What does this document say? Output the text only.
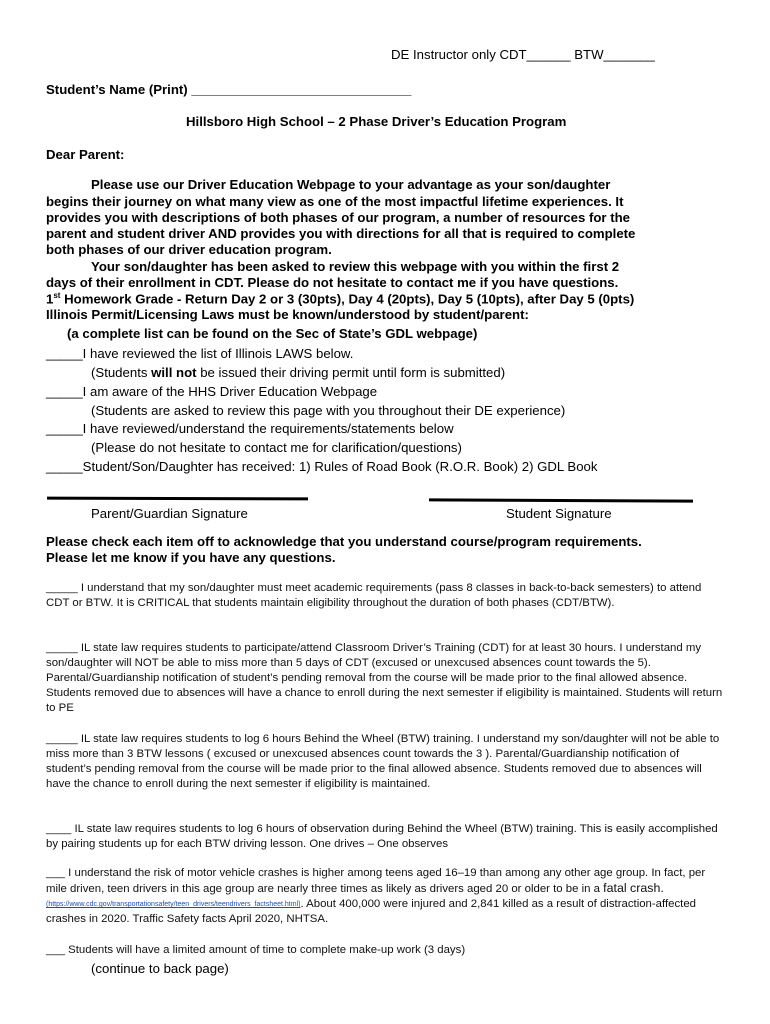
DE Instructor only CDT______ BTW_______
Student’s Name (Print) ______________________________
Hillsboro High School – 2 Phase Driver’s Education Program
Dear Parent:
Please use our Driver Education Webpage to your advantage as your son/daughter
begins their journey on what many view as one of the most impactful lifetime experiences. It
provides you with descriptions of both phases of our program, a number of resources for the
parent and student driver AND provides you with directions for all that is required to complete
both phases of our driver education program.
Your son/daughter has been asked to review this webpage with you within the first 2
days of their enrollment in CDT. Please do not hesitate to contact me if you have questions.
1st Homework Grade - Return Day 2 or 3 (30pts), Day 4 (20pts), Day 5 (10pts), after Day 5 (0pts)
Illinois Permit/Licensing Laws must be known/understood by student/parent:
(a complete list can be found on the Sec of State’s GDL webpage)
_____I have reviewed the list of Illinois LAWS below.
(Students will not be issued their driving permit until form is submitted)
_____I am aware of the HHS Driver Education Webpage
(Students are asked to review this page with you throughout their DE experience)
_____I have reviewed/understand the requirements/statements below
(Please do not hesitate to contact me for clarification/questions)
_____Student/Son/Daughter has received: 1) Rules of Road Book (R.O.R. Book) 2) GDL Book
Parent/Guardian Signature	Student Signature
Please check each item off to acknowledge that you understand course/program requirements.
Please let me know if you have any questions.
_____ I understand that my son/daughter must meet academic requirements (pass 8 classes in back-to-back semesters) to attend CDT or BTW. It is CRITICAL that students maintain eligibility throughout the duration of both phases (CDT/BTW).
_____ IL state law requires students to participate/attend Classroom Driver’s Training (CDT) for at least 30 hours. I understand my son/daughter will NOT be able to miss more than 5 days of CDT (excused or unexcused absences count towards the 5). Parental/Guardianship notification of student’s pending removal from the course will be made prior to the final allowed absence. Students removed due to absences will have a chance to enroll during the next semester if eligibility is maintained. Students will return to PE
_____ IL state law requires students to log 6 hours Behind the Wheel (BTW) training. I understand my son/daughter will not be able to miss more than 3 BTW lessons ( excused or unexcused absences count towards the 3 ). Parental/Guardianship notification of student’s pending removal from the course will be made prior to the final allowed absence. Students removed due to absences will have the chance to enroll during the next semester if eligibility is maintained.
____ IL state law requires students to log 6 hours of observation during Behind the Wheel (BTW) training. This is easily accomplished by pairing students up for each BTW driving lesson. One drives – One observes
___ I understand the risk of motor vehicle crashes is higher among teens aged 16–19 than among any other age group. In fact, per mile driven, teen drivers in this age group are nearly three times as likely as drivers aged 20 or older to be in a fatal crash. (https://www.cdc.gov/transportationsafety/teen_drivers/teendrivers_factsheet.html). About 400,000 were injured and 2,841 killed as a result of distraction-affected crashes in 2020. Traffic Safety facts April 2020, NHTSA.
___ Students will have a limited amount of time to complete make-up work (3 days)
(continue to back page)
